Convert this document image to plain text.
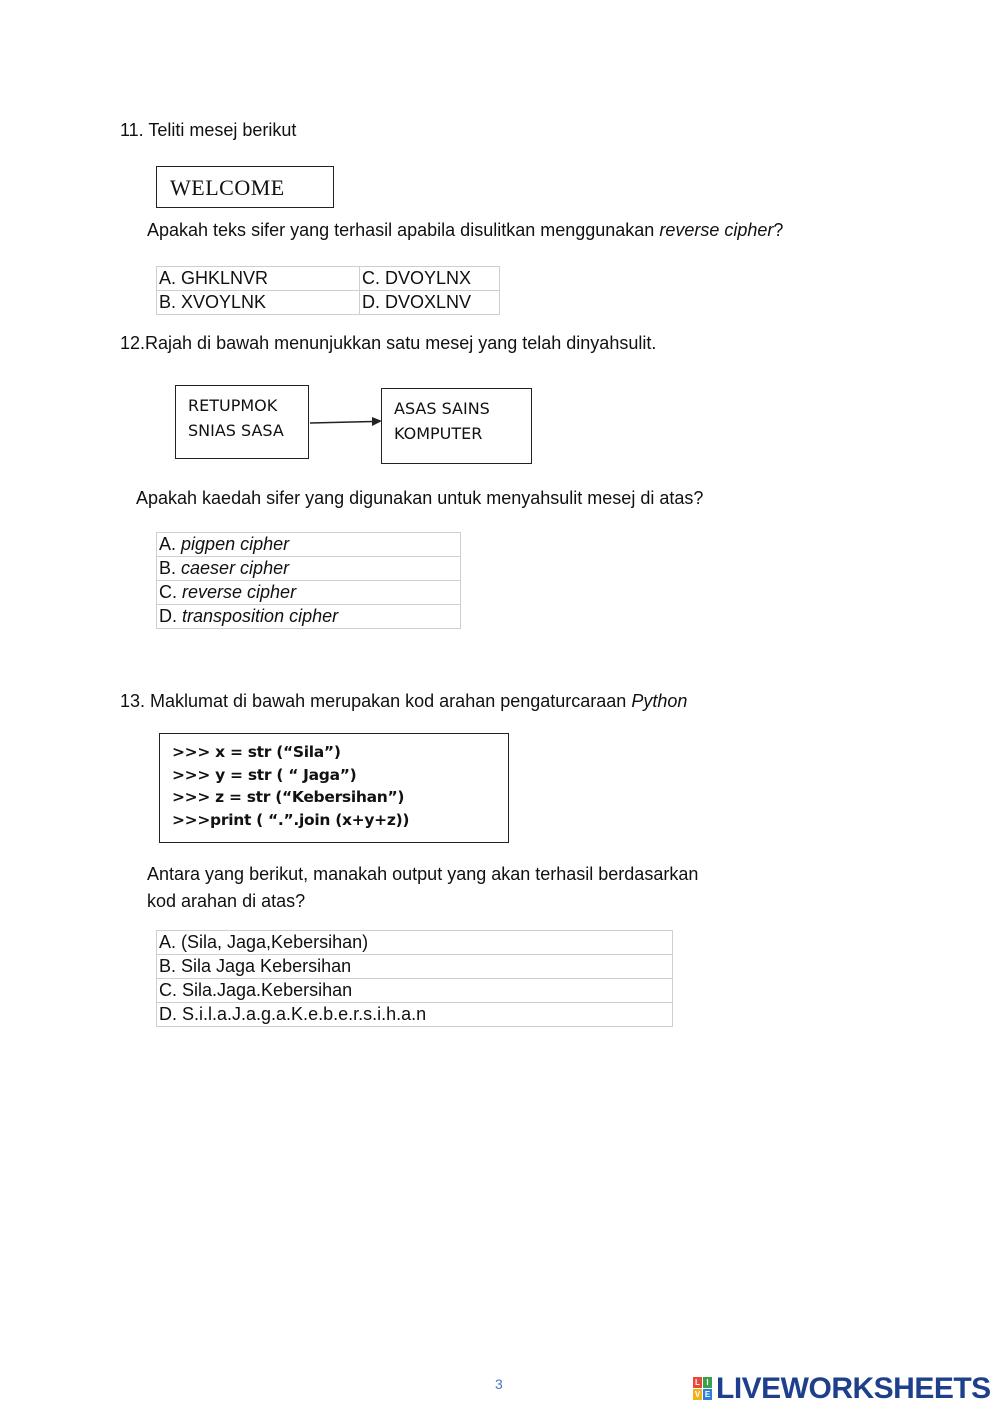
11. Teliti mesej berikut
WELCOME
Apakah teks sifer yang terhasil apabila disulitkan menggunakan reverse cipher?
A. GHKLNVR	C. DVOYLNX
B. XVOYLNK	D. DVOXLNV
12.Rajah di bawah menunjukkan satu mesej yang telah dinyahsulit.
RETUPMOK
SNIAS SASA
ASAS SAINS
KOMPUTER
Apakah kaedah sifer yang digunakan untuk menyahsulit mesej di atas?
A. pigpen cipher
B. caeser cipher
C. reverse cipher
D. transposition cipher
13. Maklumat di bawah merupakan kod arahan pengaturcaraan Python
>>> x = str (“Sila”)
>>> y = str ( “ Jaga”)
>>> z = str (“Kebersihan”)
>>>print ( “.”.join (x+y+z))
Antara yang berikut, manakah output yang akan terhasil berdasarkan
kod arahan di atas?
A. (Sila, Jaga,Kebersihan)
B. Sila Jaga Kebersihan
C. Sila.Jaga.Kebersihan
D. S.i.l.a.J.a.g.a.K.e.b.e.r.s.i.h.a.n
3	L I
V E LIVEWORKSHEETS
